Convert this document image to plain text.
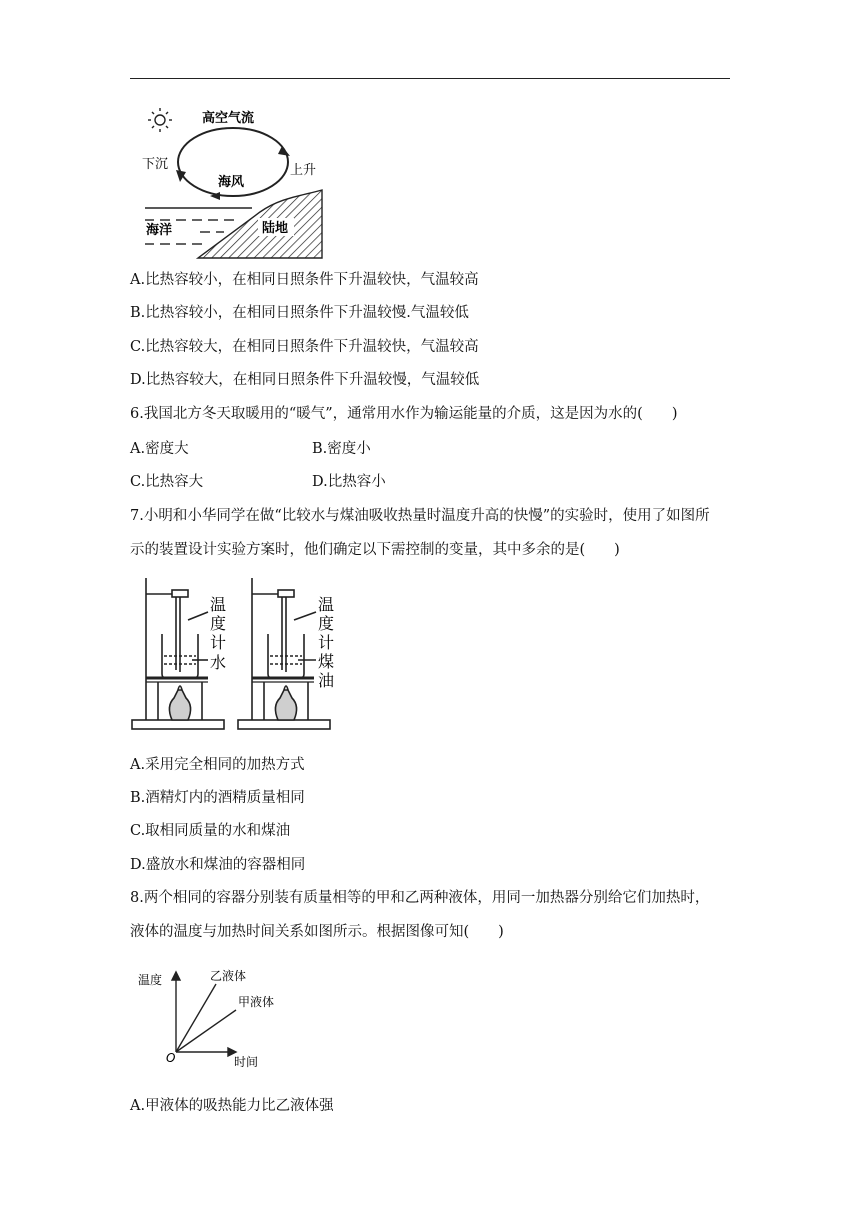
高空气流
下沉	上升
海风
海洋	陆地
A.比热容较小，在相同日照条件下升温较快，气温较高
B.比热容较小，在相同日照条件下升温较慢.气温较低
C.比热容较大，在相同日照条件下升温较快，气温较高
D.比热容较大，在相同日照条件下升温较慢，气温较低
6.我国北方冬天取暖用的“暖气”，通常用水作为输运能量的介质，这是因为水的(　　)
A.密度大	B.密度小
C.比热容大	D.比热容小
7.小明和小华同学在做“比较水与煤油吸收热量时温度升高的快慢”的实验时，使用了如图所
示的装置设计实验方案时，他们确定以下需控制的变量，其中多余的是(　　)
温
度
计
水
温
度
计
煤
油
A.采用完全相同的加热方式
B.酒精灯内的酒精质量相同
C.取相同质量的水和煤油
D.盛放水和煤油的容器相同
8.两个相同的容器分别装有质量相等的甲和乙两种液体，用同一加热器分别给它们加热时，
液体的温度与加热时间关系如图所示。根据图像可知(　　)
温度
时间
O
乙液体
甲液体
A.甲液体的吸热能力比乙液体强
